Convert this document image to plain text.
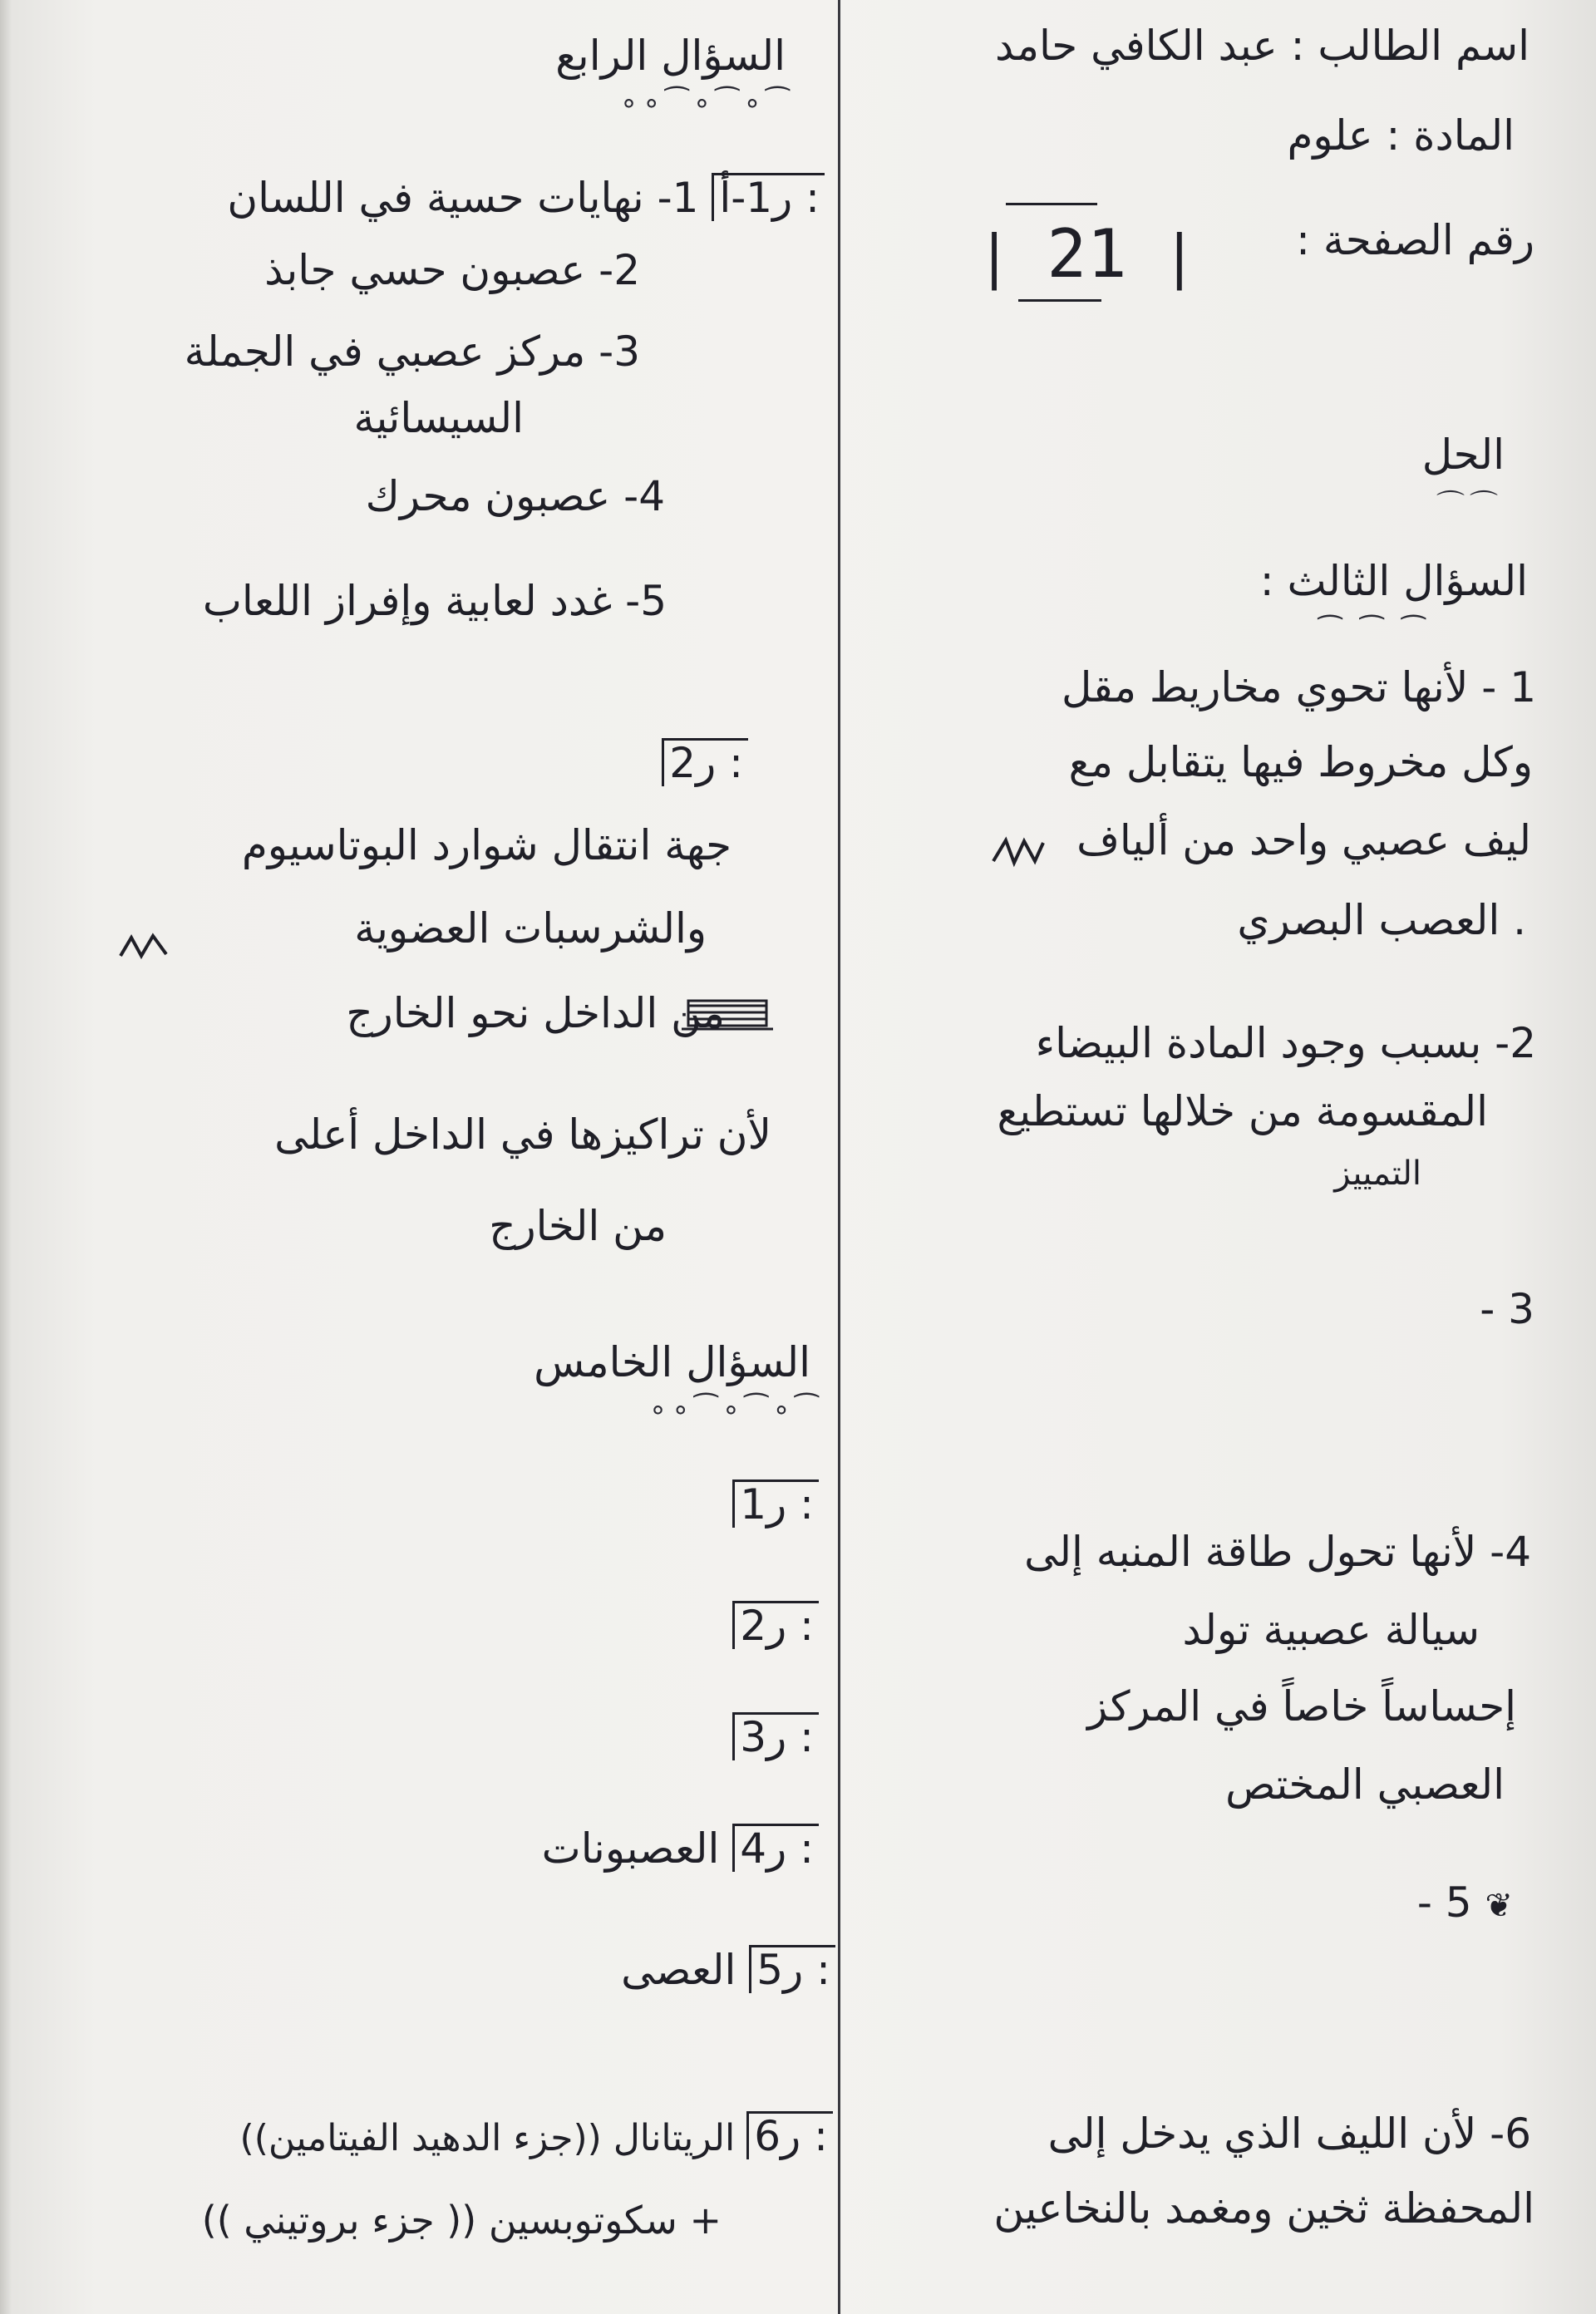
اسم الطالب : عبد الكافي حامد
المادة : علوم
رقم الصفحة :
| 21 |
الحل
⌒⌒
السؤال الثالث :
⁀ ⁀ ⁀
1 - لأنها تحوي مخاريط مقل
وكل مخروط فيها يتقابل مع
ليف عصبي واحد من ألياف
. العصب البصري
2- بسبب وجود المادة البيضاء
المقسومة من خلالها تستطيع
التمييز
- 3
4- لأنها تحول طاقة المنبه إلى
سيالة عصبية تولد
إحساساً خاصاً في المركز
العصبي المختص
- 5 ❦
6- لأن الليف الذي يدخل إلى
المحفظة ثخين ومغمد بالنخاعين
السؤال الرابع
⁀∘⁀∘⁀∘∘
ر1-أ : 1- نهايات حسية في اللسان
2- عصبون حسي جابذ
3- مركز عصبي في الجملة
السيسائية
4- عصبون محرك
5- غدد لعابية وإفراز اللعاب
ر2 :
جهة انتقال شوارد البوتاسيوم
والشرسبات العضوية
من الداخل نحو الخارج
لأن تراكيزها في الداخل أعلى
من الخارج
السؤال الخامس
⁀∘⁀∘⁀∘∘
ر1 :
ر2 :
ر3 :
ر4 : العصبونات
ر5 : العصى
ر6 : الريتانال ((جزء الدهيد الفيتامين))
+ سكوتوبسين (( جزء بروتيني ))
